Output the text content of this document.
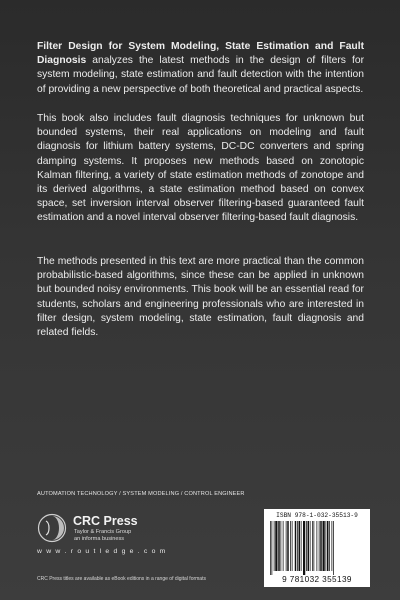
Filter Design for System Modeling, State Estimation and Fault Diagnosis analyzes the latest methods in the design of filters for system modeling, state estimation and fault detection with the intention of providing a new perspective of both theoretical and practical aspects.

This book also includes fault diagnosis techniques for unknown but bounded systems, their real applications on modeling and fault diagnosis for lithium battery systems, DC-DC converters and spring damping systems. It proposes new methods based on zonotopic Kalman filtering, a variety of state estimation methods of zonotope and its derived algorithms, a state estimation method based on convex space, set inversion interval observer filtering-based guaranteed fault estimation and a novel interval observer filtering-based fault diagnosis.

The methods presented in this text are more practical than the common probabilistic-based algorithms, since these can be applied in unknown but bounded noisy environments. This book will be an essential read for students, scholars and engineering professionals who are interested in filter design, system modeling, state estimation, fault diagnosis and related fields.

AUTOMATION TECHNOLOGY / SYSTEM MODELING / CONTROL ENGINEER
CRC Press
Taylor & Francis Group
an informa business
w w w . r o u t l e d g e . c o m
CRC Press titles are available as eBook editions in a range of digital formats
ISBN 978-1-032-35513-9
9 781032 355139
